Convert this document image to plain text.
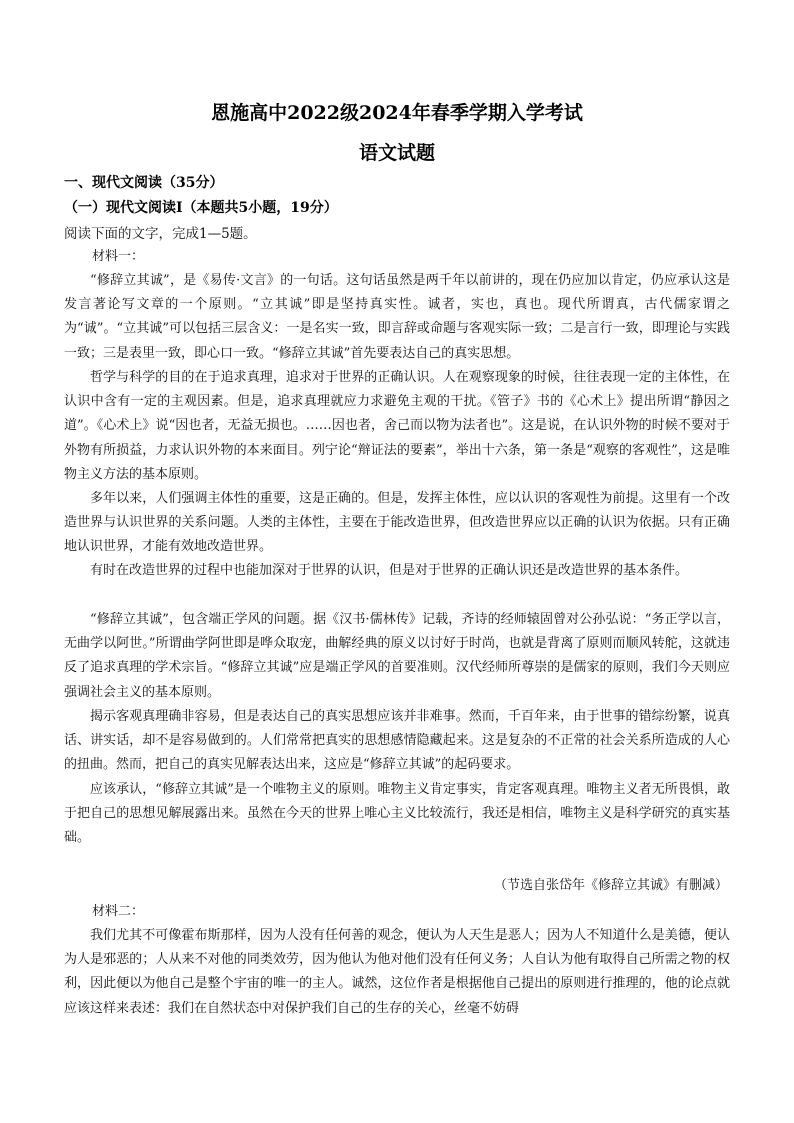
恩施高中2022级2024年春季学期入学考试
语文试题
一、现代文阅读（35分）
（一）现代文阅读Ⅰ（本题共5小题，19分）
阅读下面的文字，完成1—5题。
材料一：

“修辞立其诚”，是《易传·文言》的一句话。这句话虽然是两千年以前讲的，现在仍应加以肯定，仍应承认这是发言著论写文章的一个原则。“立其诚”即是坚持真实性。诚者，实也，真也。现代所谓真，古代儒家谓之为“诚”。“立其诚”可以包括三层含义：一是名实一致，即言辞或命题与客观实际一致；二是言行一致，即理论与实践一致；三是表里一致，即心口一致。“修辞立其诚”首先要表达自己的真实思想。

哲学与科学的目的在于追求真理，追求对于世界的正确认识。人在观察现象的时候，往往表现一定的主体性，在认识中含有一定的主观因素。但是，追求真理就应力求避免主观的干扰。《管子》书的《心术上》提出所谓“静因之道”。《心术上》说“因也者，无益无损也。……因也者，舍己而以物为法者也”。这是说，在认识外物的时候不要对于外物有所损益，力求认识外物的本来面目。列宁论“辩证法的要素”，举出十六条，第一条是“观察的客观性”，这是唯物主义方法的基本原则。

多年以来，人们强调主体性的重要，这是正确的。但是，发挥主体性，应以认识的客观性为前提。这里有一个改造世界与认识世界的关系问题。人类的主体性，主要在于能改造世界，但改造世界应以正确的认识为依据。只有正确地认识世界，才能有效地改造世界。

有时在改造世界的过程中也能加深对于世界的认识，但是对于世界的正确认识还是改造世界的基本条件。

“修辞立其诚”，包含端正学风的问题。据《汉书·儒林传》记载，齐诗的经师辕固曾对公孙弘说：“务正学以言，无曲学以阿世。”所谓曲学阿世即是哗众取宠，曲解经典的原义以讨好于时尚，也就是背离了原则而顺风转舵，这就违反了追求真理的学术宗旨。“修辞立其诚”应是端正学风的首要准则。汉代经师所尊崇的是儒家的原则，我们今天则应强调社会主义的基本原则。

揭示客观真理确非容易，但是表达自己的真实思想应该并非难事。然而，千百年来，由于世事的错综纷繁，说真话、讲实话，却不是容易做到的。人们常常把真实的思想感情隐藏起来。这是复杂的不正常的社会关系所造成的人心的扭曲。然而，把自己的真实见解表达出来，这应是“修辞立其诚”的起码要求。

应该承认，“修辞立其诚”是一个唯物主义的原则。唯物主义肯定事实，肯定客观真理。唯物主义者无所畏惧，敢于把自己的思想见解展露出来。虽然在今天的世界上唯心主义比较流行，我还是相信，唯物主义是科学研究的真实基础。

（节选自张岱年《修辞立其诚》有删减）
材料二：

我们尤其不可像霍布斯那样，因为人没有任何善的观念，便认为人天生是恶人；因为人不知道什么是美德，便认为人是邪恶的；人从来不对他的同类效劳，因为他认为他对他们没有任何义务；人自认为他有取得自己所需之物的权利，因此便以为他自己是整个宇宙的唯一的主人。诚然，这位作者是根据他自己提出的原则进行推理的，他的论点就应该这样来表述：我们在自然状态中对保护我们自己的生存的关心，丝毫不妨碍
